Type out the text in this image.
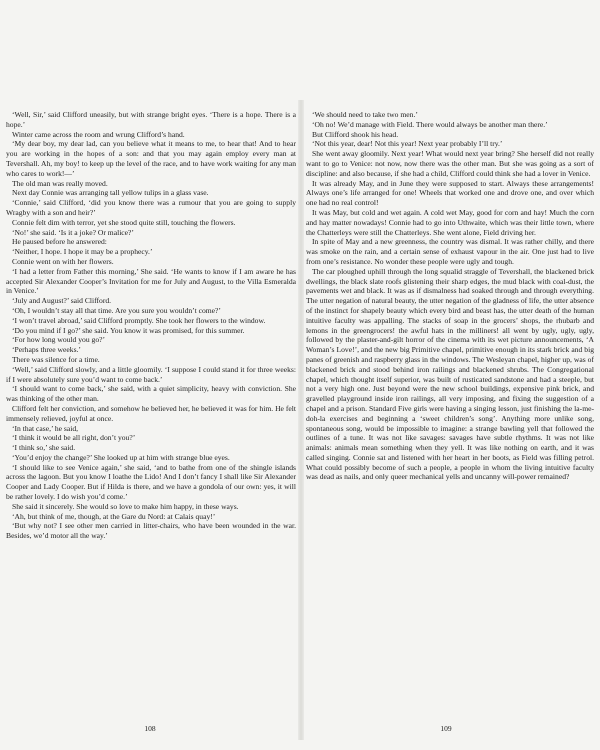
‘Well, Sir,’ said Clifford uneasily, but with strange bright eyes. ‘There is a hope. There is a hope.’

Winter came across the room and wrung Clifford’s hand.

‘My dear boy, my dear lad, can you believe what it means to me, to hear that! And to hear you are working in the hopes of a son: and that you may again employ every man at Tevershall. Ah, my boy! to keep up the level of the race, and to have work waiting for any man who cares to work!—’

The old man was really moved.

Next day Connie was arranging tall yellow tulips in a glass vase.

‘Connie,’ said Clifford, ‘did you know there was a rumour that you are going to supply Wragby with a son and heir?’

Connie felt dim with terror, yet she stood quite still, touching the flowers.

‘No!’ she said. ‘Is it a joke? Or malice?’

He paused before he answered:

‘Neither, I hope. I hope it may be a prophecy.’

Connie went on with her flowers.

‘I had a letter from Father this morning,’ She said. ‘He wants to know if I am aware he has accepted Sir Alexander Cooper’s Invitation for me for July and August, to the Villa Esmeralda in Venice.’

‘July and August?’ said Clifford.

‘Oh, I wouldn’t stay all that time. Are you sure you wouldn’t come?’

‘I won’t travel abroad,’ said Clifford promptly. She took her flowers to the window.

‘Do you mind if I go?’ she said. You know it was promised, for this summer.

‘For how long would you go?’

‘Perhaps three weeks.’

There was silence for a time.

‘Well,’ said Clifford slowly, and a little gloomily. ‘I suppose I could stand it for three weeks: if I were absolutely sure you’d want to come back.’

‘I should want to come back,’ she said, with a quiet simplicity, heavy with conviction. She was thinking of the other man.

Clifford felt her conviction, and somehow he believed her, he believed it was for him. He felt immensely relieved, joyful at once.

‘In that case,’ he said,

‘I think it would be all right, don’t you?’

‘I think so,’ she said.

‘You’d enjoy the change?’ She looked up at him with strange blue eyes.

‘I should like to see Venice again,’ she said, ‘and to bathe from one of the shingle islands across the lagoon. But you know I loathe the Lido! And I don’t fancy I shall like Sir Alexander Cooper and Lady Cooper. But if Hilda is there, and we have a gondola of our own: yes, it will be rather lovely. I do wish you’d come.’

She said it sincerely. She would so love to make him happy, in these ways.

‘Ah, but think of me, though, at the Gare du Nord: at Calais quay!’

‘But why not? I see other men carried in litter-chairs, who have been wounded in the war. Besides, we’d motor all the way.’

‘We should need to take two men.’

‘Oh no! We’d manage with Field. There would always be another man there.’

But Clifford shook his head.

‘Not this year, dear! Not this year! Next year probably I’ll try.’

She went away gloomily. Next year! What would next year bring? She herself did not really want to go to Venice: not now, now there was the other man. But she was going as a sort of discipline: and also because, if she had a child, Clifford could think she had a lover in Venice.

It was already May, and in June they were supposed to start. Always these arrangements! Always one’s life arranged for one! Wheels that worked one and drove one, and over which one had no real control!

It was May, but cold and wet again. A cold wet May, good for corn and hay! Much the corn and hay matter nowadays! Connie had to go into Uthwaite, which was their little town, where the Chatterleys were still the Chatterleys. She went alone, Field driving her.

In spite of May and a new greenness, the country was dismal. It was rather chilly, and there was smoke on the rain, and a certain sense of exhaust vapour in the air. One just had to live from one’s resistance. No wonder these people were ugly and tough.

The car ploughed uphill through the long squalid straggle of Tevershall, the blackened brick dwellings, the black slate roofs glistening their sharp edges, the mud black with coal-dust, the pavements wet and black. It was as if dismalness had soaked through and through everything. The utter negation of natural beauty, the utter negation of the gladness of life, the utter absence of the instinct for shapely beauty which every bird and beast has, the utter death of the human intuitive faculty was appalling. The stacks of soap in the grocers’ shops, the rhubarb and lemons in the greengrocers! the awful hats in the milliners! all went by ugly, ugly, ugly, followed by the plaster-and-gilt horror of the cinema with its wet picture announcements, ‘A Woman’s Love!’, and the new big Primitive chapel, primitive enough in its stark brick and big panes of greenish and raspberry glass in the windows. The Wesleyan chapel, higher up, was of blackened brick and stood behind iron railings and blackened shrubs. The Congregational chapel, which thought itself superior, was built of rusticated sandstone and had a steeple, but not a very high one. Just beyond were the new school buildings, expensive pink brick, and gravelled playground inside iron railings, all very imposing, and fixing the suggestion of a chapel and a prison. Standard Five girls were having a singing lesson, just finishing the la-me-doh-la exercises and beginning a ‘sweet children’s song’. Anything more unlike song, spontaneous song, would be impossible to imagine: a strange bawling yell that followed the outlines of a tune. It was not like savages: savages have subtle rhythms. It was not like animals: animals mean something when they yell. It was like nothing on earth, and it was called singing. Connie sat and listened with her heart in her boots, as Field was filling petrol. What could possibly become of such a people, a people in whom the living intuitive faculty was dead as nails, and only queer mechanical yells and uncanny will-power remained?

108	109
